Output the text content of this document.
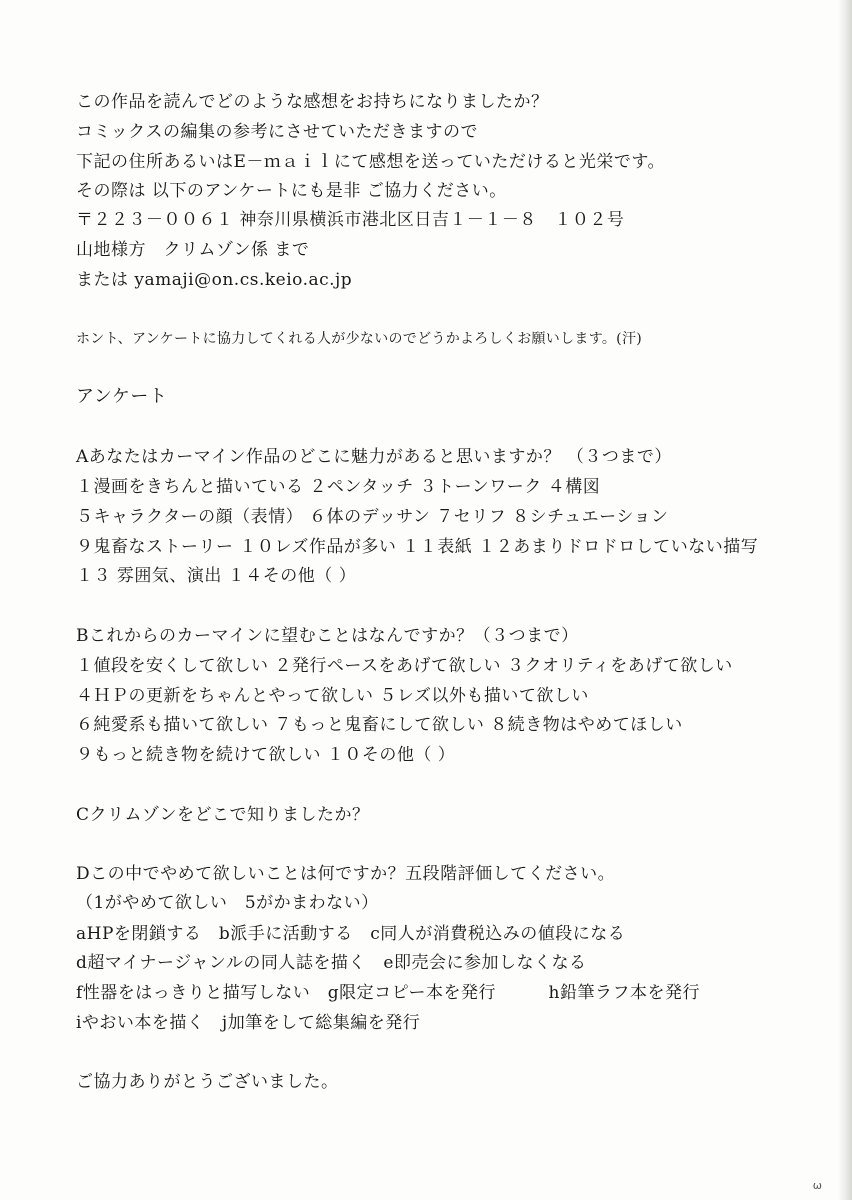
この作品を読んでどのような感想をお持ちになりましたか？
コミックスの編集の参考にさせていただきますので
下記の住所あるいはE－ｍａｉｌにて感想を送っていただけると光栄です。
その際は 以下のアンケートにも是非 ご協力ください。
〒２２３－００６１ 神奈川県横浜市港北区日吉１－１－８　１０２号
山地様方　クリムゾン係 まで
または yamaji@on.cs.keio.ac.jp
ホント、アンケートに協力してくれる人が少ないのでどうかよろしくお願いします。(汗)
アンケート
Aあなたはカーマイン作品のどこに魅力があると思いますか？ （３つまで）
１漫画をきちんと描いている ２ペンタッチ ３トーンワーク ４構図
５キャラクターの顔（表情） ６体のデッサン ７セリフ ８シチュエーション
９鬼畜なストーリー １０レズ作品が多い １１表紙 １２あまりドロドロしていない描写
１３ 雰囲気、演出 １４その他（ ）
Bこれからのカーマインに望むことはなんですか？（３つまで）
１値段を安くして欲しい ２発行ペースをあげて欲しい ３クオリティをあげて欲しい
４ＨＰの更新をちゃんとやって欲しい ５レズ以外も描いて欲しい
６純愛系も描いて欲しい ７もっと鬼畜にして欲しい ８続き物はやめてほしい
９もっと続き物を続けて欲しい １０その他（ ）
Cクリムゾンをどこで知りましたか？
Dこの中でやめて欲しいことは何ですか？五段階評価してください。
（1がやめて欲しい　5がかまわない）
aHPを閉鎖する　b派手に活動する　c同人が消費税込みの値段になる
d超マイナージャンルの同人誌を描く　e即売会に参加しなくなる
f性器をはっきりと描写しない　g限定コピー本を発行　　　h鉛筆ラフ本を発行
iやおい本を描く　j加筆をして総集編を発行
ご協力ありがとうございました。
ω
